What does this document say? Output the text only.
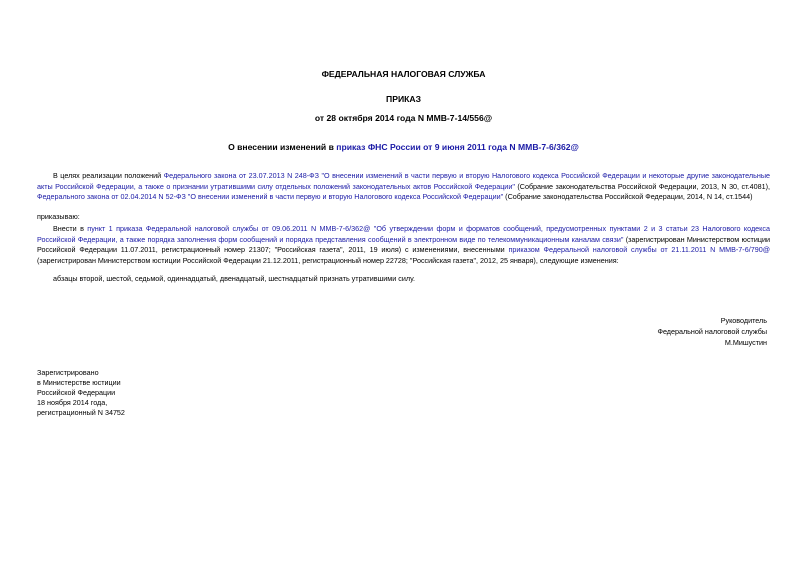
ФЕДЕРАЛЬНАЯ НАЛОГОВАЯ СЛУЖБА
ПРИКАЗ
от 28 октября 2014 года N ММВ-7-14/556@
О внесении изменений в приказ ФНС России от 9 июня 2011 года N ММВ-7-6/362@
В целях реализации положений Федерального закона от 23.07.2013 N 248-ФЗ "О внесении изменений в части первую и вторую Налогового кодекса Российской Федерации и некоторые другие законодательные акты Российской Федерации, а также о признании утратившими силу отдельных положений законодательных актов Российской Федерации" (Собрание законодательства Российской Федерации, 2013, N 30, ст.4081), Федерального закона от 02.04.2014 N 52-ФЗ "О внесении изменений в части первую и вторую Налогового кодекса Российской Федерации" (Собрание законодательства Российской Федерации, 2014, N 14, ст.1544)
приказываю:
Внести в пункт 1 приказа Федеральной налоговой службы от 09.06.2011 N ММВ-7-6/362@ "Об утверждении форм и форматов сообщений, предусмотренных пунктами 2 и 3 статьи 23 Налогового кодекса Российской Федерации, а также порядка заполнения форм сообщений и порядка представления сообщений в электронном виде по телекоммуникационным каналам связи" (зарегистрирован Министерством юстиции Российской Федерации 11.07.2011, регистрационный номер 21307; "Российская газета", 2011, 19 июля) с изменениями, внесенными приказом Федеральной налоговой службы от 21.11.2011 N ММВ-7-6/790@ (зарегистрирован Министерством юстиции Российской Федерации 21.12.2011, регистрационный номер 22728; "Российская газета", 2012, 25 января), следующие изменения:
абзацы второй, шестой, седьмой, одиннадцатый, двенадцатый, шестнадцатый признать утратившими силу.
Руководитель
Федеральной налоговой службы
М.Мишустин
Зарегистрировано
в Министерстве юстиции
Российской Федерации
18 ноября 2014 года,
регистрационный N 34752
